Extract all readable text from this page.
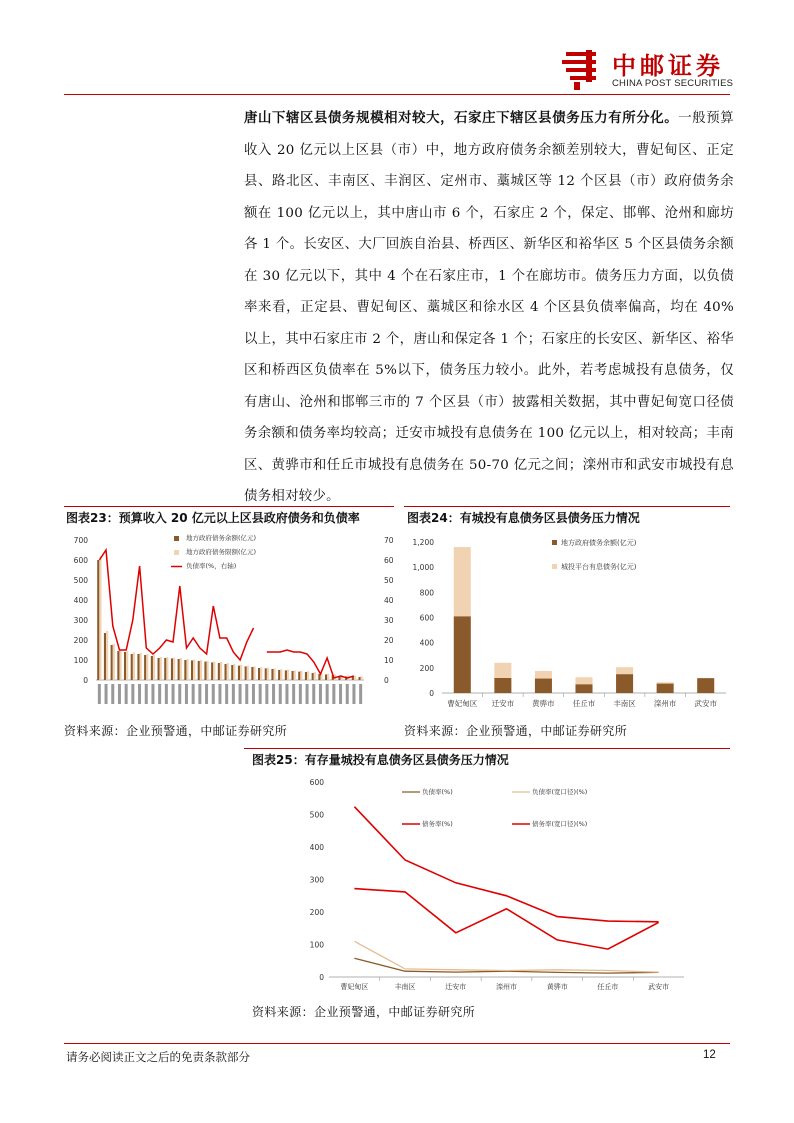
中邮证券
CHINA POST SECURITIES
唐山下辖区县债务规模相对较大，石家庄下辖区县债务压力有所分化。一般预算收入 20 亿元以上区县（市）中，地方政府债务余额差别较大，曹妃甸区、正定县、路北区、丰南区、丰润区、定州市、藁城区等 12 个区县（市）政府债务余额在 100 亿元以上，其中唐山市 6 个，石家庄 2 个，保定、邯郸、沧州和廊坊各 1 个。长安区、大厂回族自治县、桥西区、新华区和裕华区 5 个区县债务余额在 30 亿元以下，其中 4 个在石家庄市，1 个在廊坊市。债务压力方面，以负债率来看，正定县、曹妃甸区、藁城区和徐水区 4 个区县负债率偏高，均在 40%以上，其中石家庄市 2 个，唐山和保定各 1 个；石家庄的长安区、新华区、裕华区和桥西区负债率在 5%以下，债务压力较小。此外，若考虑城投有息债务，仅有唐山、沧州和邯郸三市的 7 个区县（市）披露相关数据，其中曹妃甸宽口径债务余额和债务率均较高；迁安市城投有息债务在 100 亿元以上，相对较高；丰南区、黄骅市和任丘市城投有息债务在 50-70 亿元之间；滦州市和武安市城投有息债务相对较少。
图表23：预算收入 20 亿元以上区县政府债务和负债率	图表24：有城投有息债务区县债务压力情况
0
100
200
300
400
500
600
700
0
10
20
30
40
50
60
70
地方政府债务余额(亿元)
地方政府债务限额(亿元)
负债率(%，右轴)
0
200
400
600
800
1,000
1,200
曹妃甸区 迁安市 黄骅市 任丘市 丰南区 滦州市 武安市
地方政府债务余额(亿元)
城投平台有息债务(亿元)
资料来源：企业预警通，中邮证券研究所	资料来源：企业预警通，中邮证券研究所
图表25：有存量城投有息债务区县债务压力情况
0
100
200
300
400
500
600
曹妃甸区	丰南区	迁安市	滦州市	黄骅市	任丘市	武安市
负债率(%)	负债率(宽口径)(%)
债务率(%)	债务率(宽口径)(%)
资料来源：企业预警通，中邮证券研究所
请务必阅读正文之后的免责条款部分	12
